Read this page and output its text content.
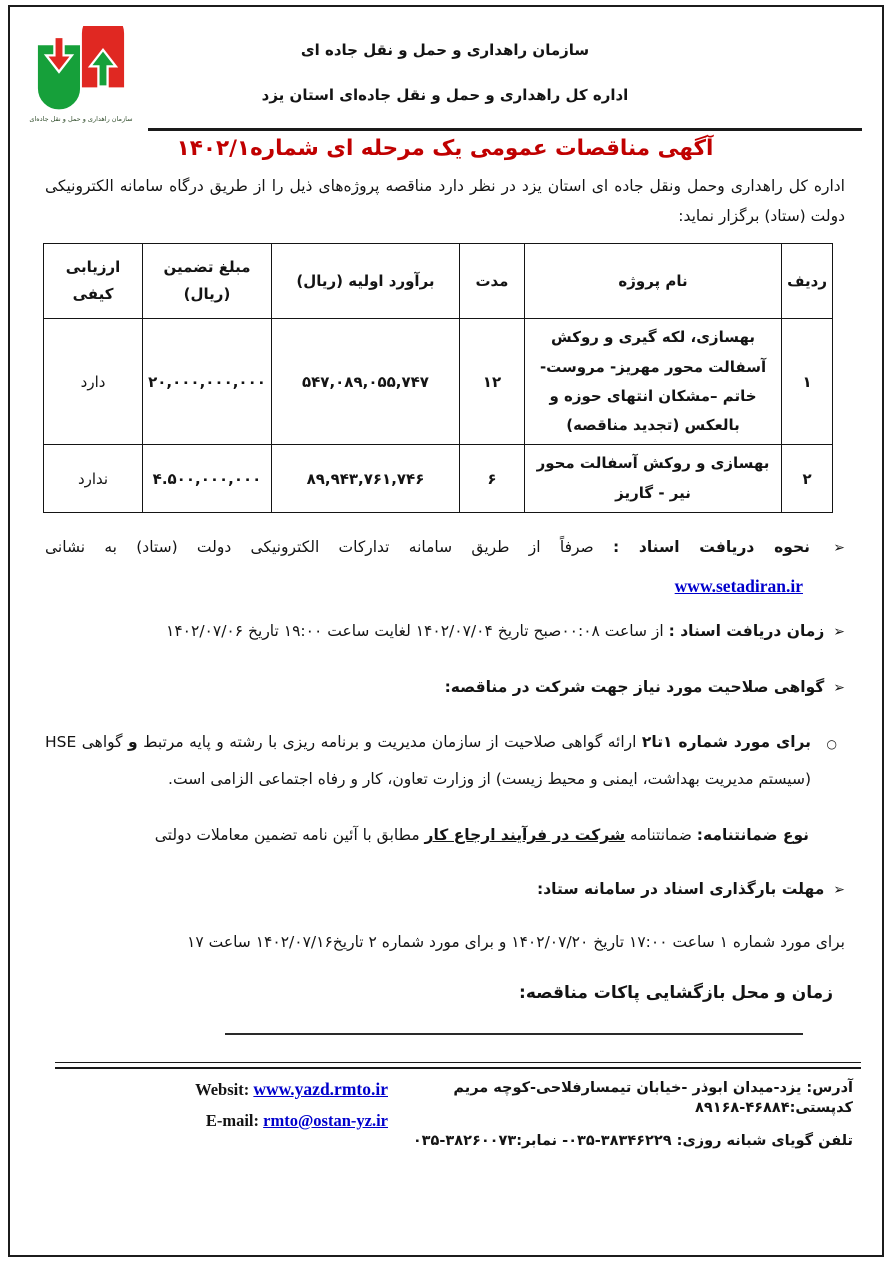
سازمان راهداری و حمل و نقل جاده‌ای
سازمان راهداری و حمل و نقل جاده ای
اداره کل راهداری و حمل و نقل جاده‌ای استان یزد
آگهی مناقصات عمومی یک مرحله ای شماره۱۴۰۲/۱
اداره کل راهداری وحمل ونقل جاده ای استان یزد در نظر دارد مناقصه پروژه‌های ذیل را از طریق درگاه سامانه الکترونیکی دولت (ستاد) برگزار نماید:
ردیف	نام پروژه	مدت	برآورد اولیه (ریال)	مبلغ تضمین (ریال)	ارزیابی کیفی
۱	بهسازی، لکه گیری و روکش آسفالت محور مهریز- مروست- خاتم –مشکان انتهای حوزه و بالعکس (تجدید مناقصه)	۱۲	۵۴۷,۰۸۹,۰۵۵,۷۴۷	۲۰,۰۰۰,۰۰۰,۰۰۰	دارد
۲	بهسازی و روکش آسفالت محور نیر - گاریز	۶	۸۹,۹۴۳,۷۶۱,۷۴۶	۴.۵۰۰,۰۰۰,۰۰۰	ندارد
➢ نحوه دریافت اسناد : صرفاً از طریق سامانه تدارکات الکترونیکی دولت (ستاد) به نشانی
www.setadiran.ir
➢ زمان دریافت اسناد : از ساعت ۰۰:۰۸صبح تاریخ ۱۴۰۲/۰۷/۰۴ لغایت ساعت ۱۹:۰۰ تاریخ ۱۴۰۲/۰۷/۰۶
➢ گواهی صلاحیت مورد نیاز جهت شرکت در مناقصه:
○
برای مورد شماره ۱تا۲ ارائه گواهی صلاحیت از سازمان مدیریت و برنامه ریزی با رشته و پایه مرتبط و گواهی HSE (سیستم مدیریت بهداشت، ایمنی و محیط زیست) از وزارت تعاون، کار و رفاه اجتماعی الزامی است.
نوع ضمانتنامه: ضمانتنامه شرکت در فرآیند ارجاع کار مطابق با آئین نامه تضمین معاملات دولتی
➢ مهلت بارگذاری اسناد در سامانه ستاد:
برای مورد شماره ۱ ساعت ۱۷:۰۰ تاریخ ۱۴۰۲/۰۷/۲۰ و برای مورد شماره ۲ تاریخ۱۴۰۲/۰۷/۱۶ ساعت ۱۷
زمان و محل بازگشایی پاکات مناقصه:
آدرس: یزد-میدان ابوذر -خیابان تیمسارفلاحی-کوچه مریم کدپستی:۴۶۸۸۴-۸۹۱۶۸
تلفن گویای شبانه روزی: ۳۸۳۴۶۲۲۹-۰۳۵- نمابر:۳۸۲۶۰۰۷۳-۰۳۵
Websit: www.yazd.rmto.ir
E-mail: rmto@ostan-yz.ir
